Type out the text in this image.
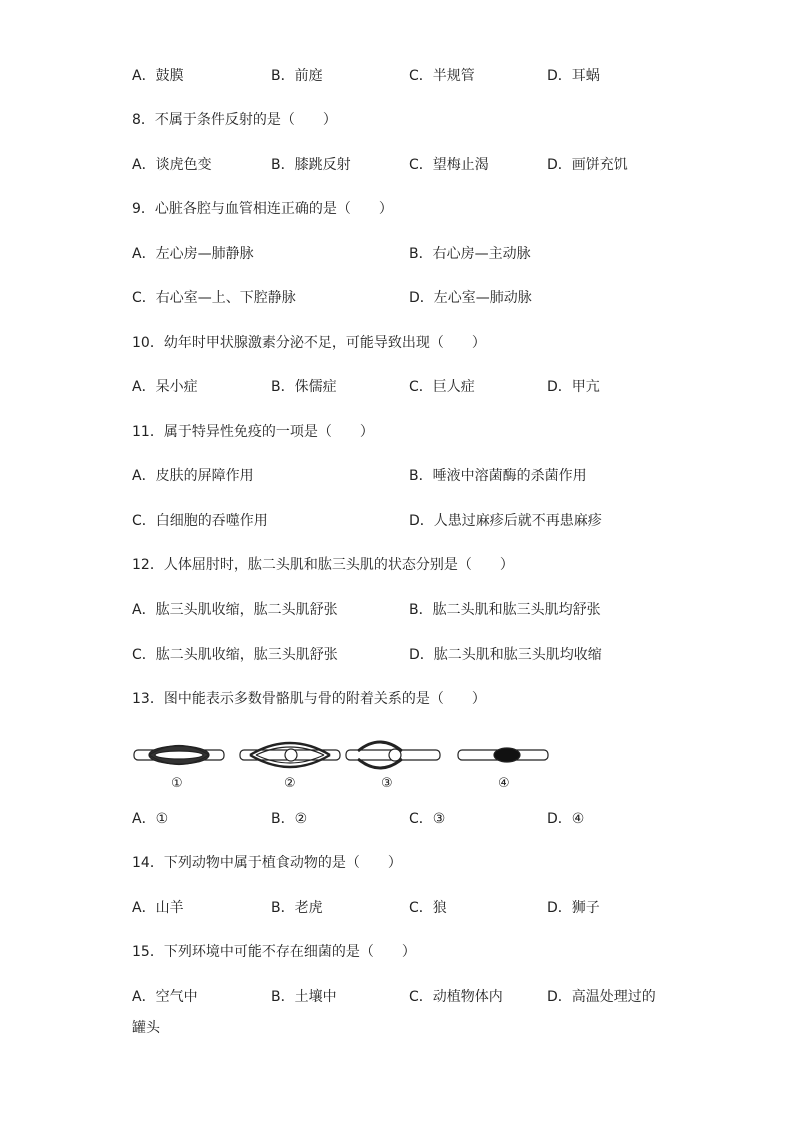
A．鼓膜	B．前庭	C．半规管	D．耳蜗
8．不属于条件反射的是（　　）
A．谈虎色变	B．膝跳反射	C．望梅止渴	D．画饼充饥
9．心脏各腔与血管相连正确的是（　　）
A．左心房—肺静脉	B．右心房—主动脉
C．右心室—上、下腔静脉	D．左心室—肺动脉
10．幼年时甲状腺激素分泌不足，可能导致出现（　　）
A．呆小症	B．侏儒症	C．巨人症	D．甲亢
11．属于特异性免疫的一项是（　　）
A．皮肤的屏障作用	B．唾液中溶菌酶的杀菌作用
C．白细胞的吞噬作用	D．人患过麻疹后就不再患麻疹
12．人体屈肘时，肱二头肌和肱三头肌的状态分别是（　　）
A．肱三头肌收缩，肱二头肌舒张	B．肱二头肌和肱三头肌均舒张
C．肱二头肌收缩，肱三头肌舒张	D．肱二头肌和肱三头肌均收缩
13．图中能表示多数骨骼肌与骨的附着关系的是（　　）
①	②	③	④
A．①	B．②	C．③	D．④
14．下列动物中属于植食动物的是（　　）
A．山羊	B．老虎	C．狼	D．狮子
15．下列环境中可能不存在细菌的是（　　）
A．空气中	B．土壤中	C．动植物体内	D．高温处理过的
罐头
